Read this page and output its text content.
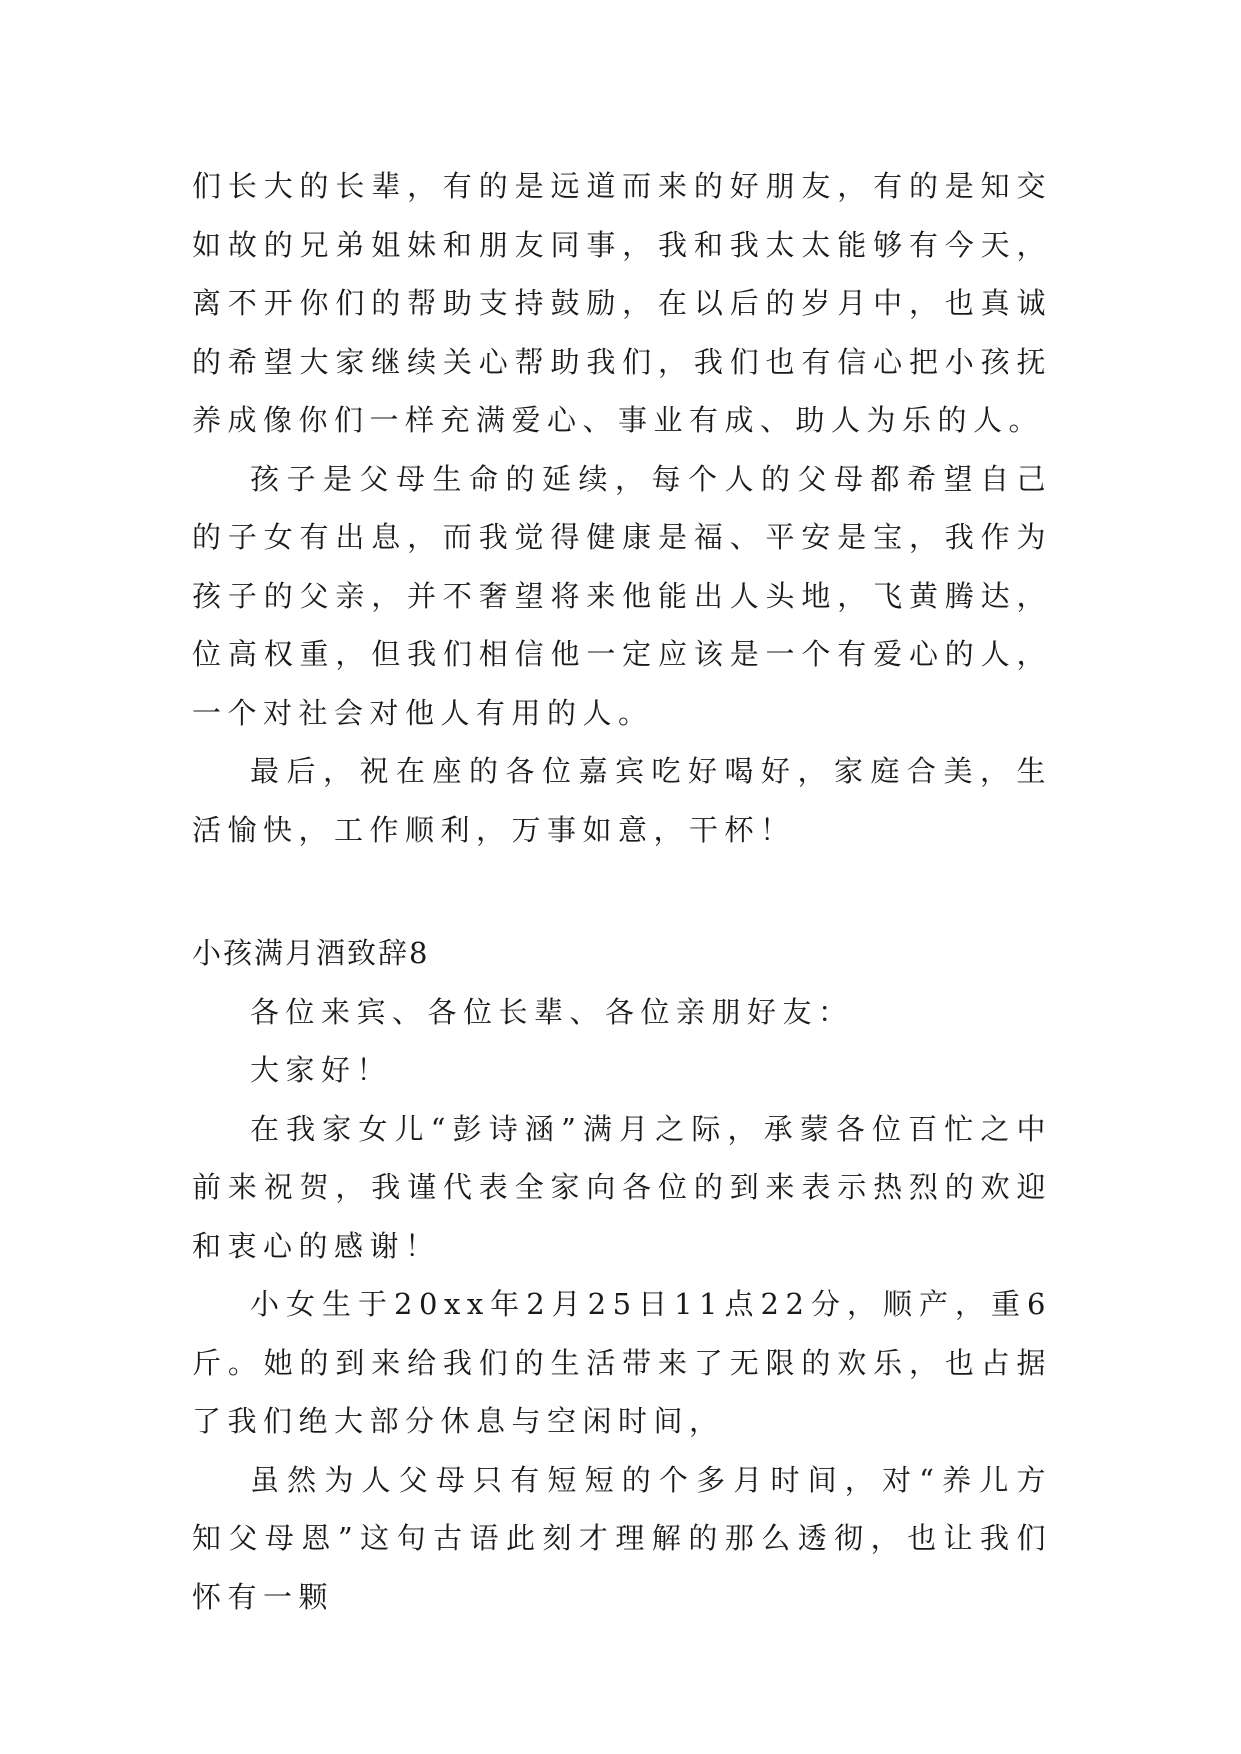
们长大的长辈，有的是远道而来的好朋友，有的是知交如故的兄弟姐妹和朋友同事，我和我太太能够有今天，离不开你们的帮助支持鼓励，在以后的岁月中，也真诚的希望大家继续关心帮助我们，我们也有信心把小孩抚养成像你们一样充满爱心、事业有成、助人为乐的人。

孩子是父母生命的延续，每个人的父母都希望自己的子女有出息，而我觉得健康是福、平安是宝，我作为孩子的父亲，并不奢望将来他能出人头地，飞黄腾达，位高权重，但我们相信他一定应该是一个有爱心的人，一个对社会对他人有用的人。

最后，祝在座的各位嘉宾吃好喝好，家庭合美，生活愉快，工作顺利，万事如意，干杯！

小孩满月酒致辞8

各位来宾、各位长辈、各位亲朋好友：

大家好！

在我家女儿“彭诗涵”满月之际，承蒙各位百忙之中前来祝贺，我谨代表全家向各位的到来表示热烈的欢迎和衷心的感谢！

小女生于20xx年2月25日11点22分，顺产，重6斤。她的到来给我们的生活带来了无限的欢乐，也占据了我们绝大部分休息与空闲时间，

虽然为人父母只有短短的个多月时间，对“养儿方知父母恩”这句古语此刻才理解的那么透彻，也让我们怀有一颗
